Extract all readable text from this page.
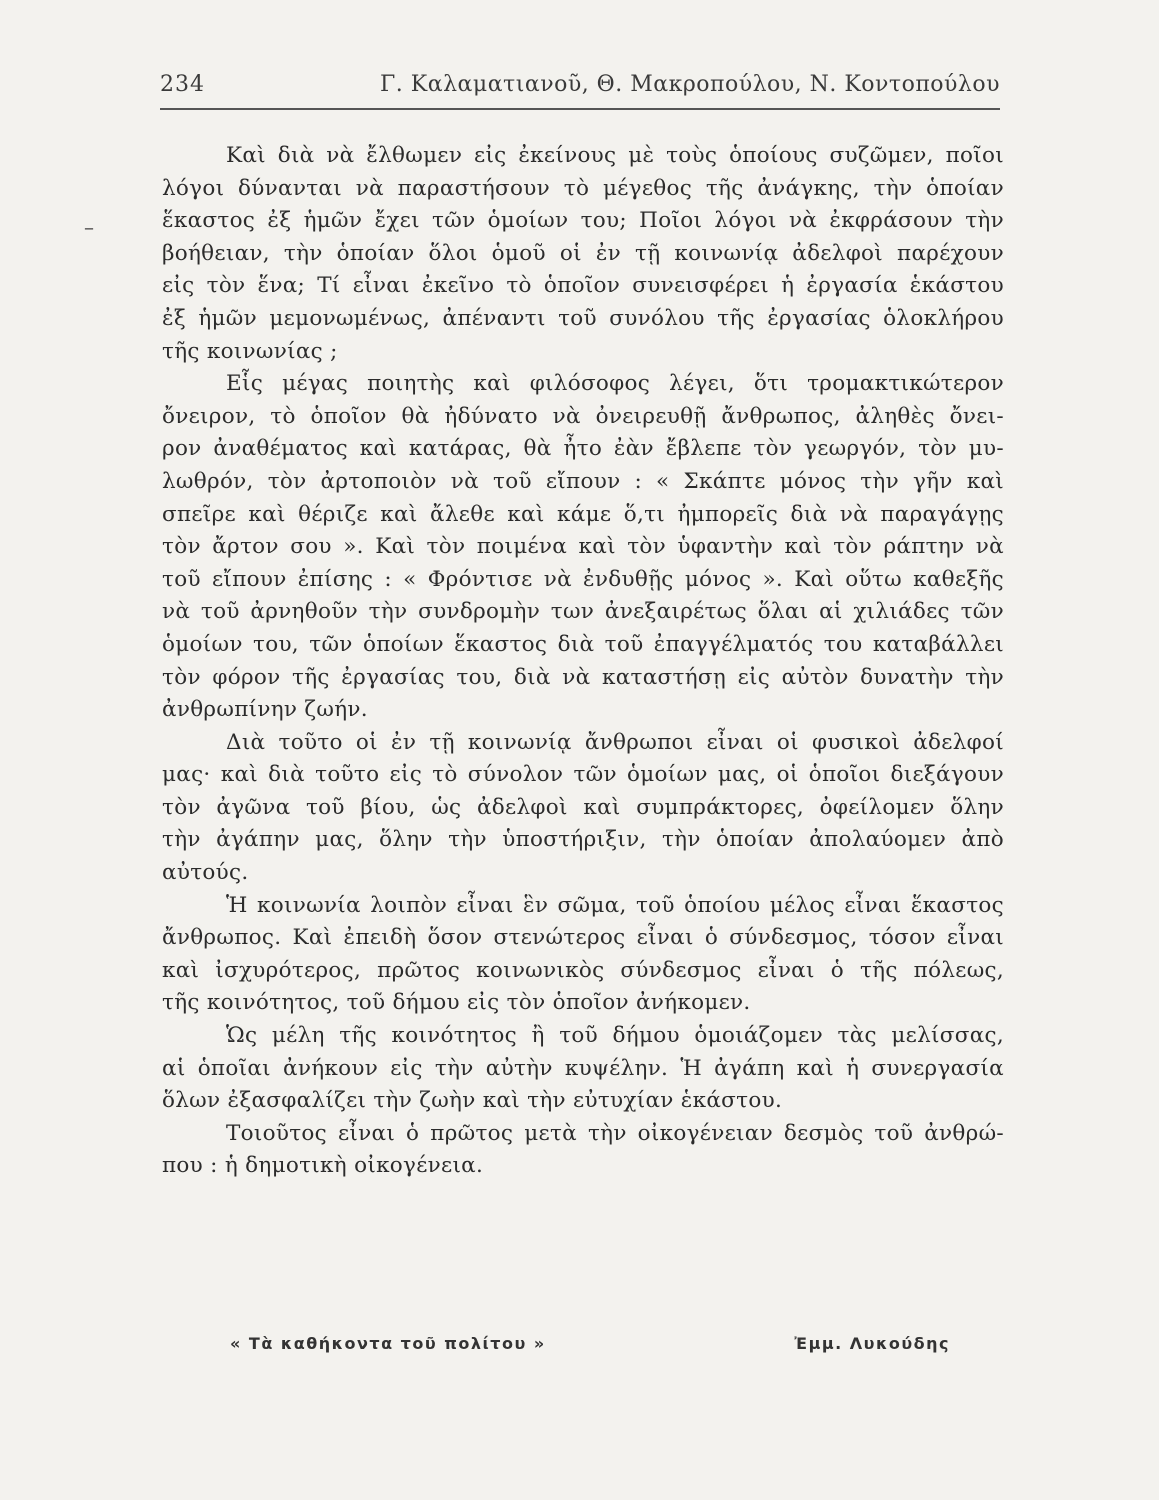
234	Γ. Καλαματιανοῦ, Θ. Μακροπούλου, Ν. Κοντοπούλου
–
Καὶ διὰ νὰ ἔλθωμεν εἰς ἐκείνους μὲ τοὺς ὁποίους συζῶμεν, ποῖοι
λόγοι δύνανται νὰ παραστήσουν τὸ μέγεθος τῆς ἀνάγκης, τὴν ὁποίαν
ἕκαστος ἐξ ἡμῶν ἔχει τῶν ὁμοίων του; Ποῖοι λόγοι νὰ ἐκφράσουν τὴν
βοήθειαν, τὴν ὁποίαν ὅλοι ὁμοῦ οἱ ἐν τῇ κοινωνίᾳ ἀδελφοὶ παρέχουν
εἰς τὸν ἕνα; Τί εἶναι ἐκεῖνο τὸ ὁποῖον συνεισφέρει ἡ ἐργασία ἑκάστου
ἐξ ἡμῶν μεμονωμένως, ἀπέναντι τοῦ συνόλου τῆς ἐργασίας ὁλοκλήρου
τῆς κοινωνίας ;
Εἷς μέγας ποιητὴς καὶ φιλόσοφος λέγει, ὅτι τρομακτικώτερον
ὄνειρον, τὸ ὁποῖον θὰ ἠδύνατο νὰ ὀνειρευθῇ ἄνθρωπος, ἀληθὲς ὄνει-
ρον ἀναθέματος καὶ κατάρας, θὰ ἦτο ἐὰν ἔβλεπε τὸν γεωργόν, τὸν μυ-
λωθρόν, τὸν ἀρτοποιὸν νὰ τοῦ εἴπουν : « Σκάπτε μόνος τὴν γῆν καὶ
σπεῖρε καὶ θέριζε καὶ ἄλεθε καὶ κάμε ὅ,τι ἠμπορεῖς διὰ νὰ παραγάγῃς
τὸν ἄρτον σου ». Καὶ τὸν ποιμένα καὶ τὸν ὑφαντὴν καὶ τὸν ράπτην νὰ
τοῦ εἴπουν ἐπίσης : « Φρόντισε νὰ ἐνδυθῇς μόνος ». Καὶ οὕτω καθεξῆς
νὰ τοῦ ἀρνηθοῦν τὴν συνδρομὴν των ἀνεξαιρέτως ὅλαι αἱ χιλιάδες τῶν
ὁμοίων του, τῶν ὁποίων ἕκαστος διὰ τοῦ ἐπαγγέλματός του καταβάλλει
τὸν φόρον τῆς ἐργασίας του, διὰ νὰ καταστήσῃ εἰς αὐτὸν δυνατὴν τὴν
ἀνθρωπίνην ζωήν.
Διὰ τοῦτο οἱ ἐν τῇ κοινωνίᾳ ἄνθρωποι εἶναι οἱ φυσικοὶ ἀδελφοί
μας· καὶ διὰ τοῦτο εἰς τὸ σύνολον τῶν ὁμοίων μας, οἱ ὁποῖοι διεξάγουν
τὸν ἀγῶνα τοῦ βίου, ὡς ἀδελφοὶ καὶ συμπράκτορες, ὀφείλομεν ὅλην
τὴν ἀγάπην μας, ὅλην τὴν ὑποστήριξιν, τὴν ὁποίαν ἀπολαύομεν ἀπὸ
αὐτούς.
Ἡ κοινωνία λοιπὸν εἶναι ἓν σῶμα, τοῦ ὁποίου μέλος εἶναι ἕκαστος
ἄνθρωπος. Καὶ ἐπειδὴ ὅσον στενώτερος εἶναι ὁ σύνδεσμος, τόσον εἶναι
καὶ ἰσχυρότερος, πρῶτος κοινωνικὸς σύνδεσμος εἶναι ὁ τῆς πόλεως,
τῆς κοινότητος, τοῦ δήμου εἰς τὸν ὁποῖον ἀνήκομεν.
Ὡς μέλη τῆς κοινότητος ἢ τοῦ δήμου ὁμοιάζομεν τὰς μελίσσας,
αἱ ὁποῖαι ἀνήκουν εἰς τὴν αὐτὴν κυψέλην. Ἡ ἀγάπη καὶ ἡ συνεργασία
ὅλων ἐξασφαλίζει τὴν ζωὴν καὶ τὴν εὐτυχίαν ἑκάστου.
Τοιοῦτος εἶναι ὁ πρῶτος μετὰ τὴν οἰκογένειαν δεσμὸς τοῦ ἀνθρώ-
που : ἡ δημοτικὴ οἰκογένεια.
« Τὰ καθήκοντα τοῦ πολίτου »	Ἐμμ. Λυκούδης
